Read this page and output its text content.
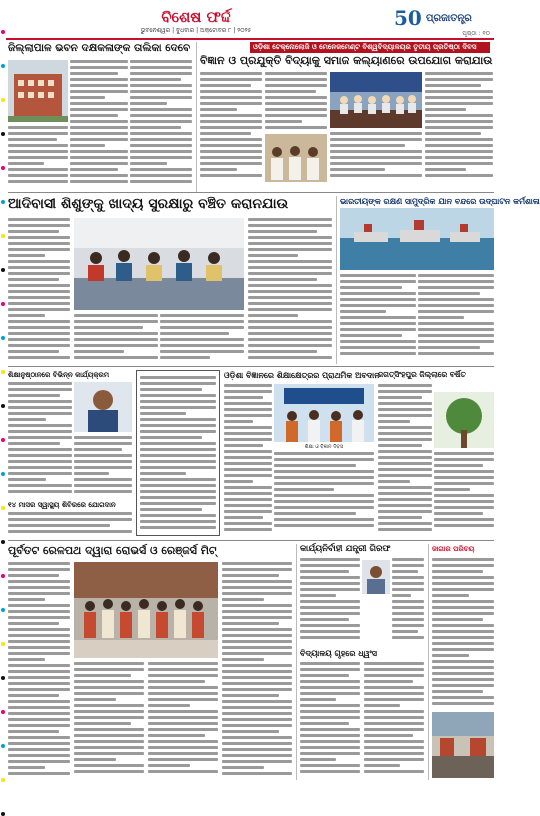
ବିଶେଷ ଫର୍ଦ୍ଦ
ଭୁବନେଶ୍ୱର | ବୁଧବାର | ଅକ୍ଟୋବର ୮ | ୨୦୨୫
50 ପ୍ରଜାତନ୍ତ୍ର
ପୃଷ୍ଠା : ୧୦
ଜିଲ୍ଲାପାଳ ଭବନ ଦକ୍ଷକଳାଙ୍କ ତାଲିକା ଦେବେ	ଓଡ଼ିଶା ଟେକ୍ନୋଲୋଜି ଓ ମେନେଜମେଣ୍ଟ ବିଶ୍ୱବିଦ୍ୟାଳୟର ତୃତୀୟ ପ୍ରତିଷ୍ଠା ଦିବସ
ବିଜ୍ଞାନ ଓ ପ୍ରଯୁକ୍ତି ବିଦ୍ୟାକୁ ସମାଜ କଲ୍ୟାଣରେ ଉପଯୋଗ କରାଯାଉ
ଆଦିବାସୀ ଶିଶୁଙ୍କୁ ଖାଦ୍ୟ ସୁରକ୍ଷାରୁ ବଞ୍ଚିତ କରାନଯାଉ	ଭାରତୀୟଙ୍କ ରକ୍ଷଣ ସାମୁଦ୍ରିକ ଯାନ ବନ୍ଦରେ ଉଦ୍‌ଘାଟନ କର୍ମଶାଳା
ଶିକ୍ଷାନୁଷ୍ଠାନରେ ବିଭିନ୍ନ କାର୍ଯ୍ୟକ୍ରମ
୧୪ ମାସର ସ୍ୱାସ୍ଥ୍ୟ ଶିବିରରେ ଯୋଗଦାନ
ଓଡ଼ିଶା ବିଜ୍ଞାନରେ ଶିକ୍ଷାକ୍ଷେତ୍ରର ପ୍ରାଥମିକ ଅବଦାନ
ଶିକ୍ଷା ଓ ବିଜ୍ଞାନ ଦିବସ
ଜଗତ୍‌ସିଂହପୁର ଜିଲ୍ଲାରେ ବର୍ଷିତ
ପୂର୍ବତଟ ରେଳପଥ ଦ୍ୱାରା ରୋଭର୍ସ ଓ ରେଞ୍ଜର୍ସ ମିଟ୍	କାର୍ଯ୍ୟନିର୍ବାହୀ ଯନ୍ତ୍ରୀ ଗିରଫ
ବିଦ୍ୟାଳୟ ଗୃହରେ ଧ୍ୱଂସ
ଜାଗାର ପରିଚୟ
